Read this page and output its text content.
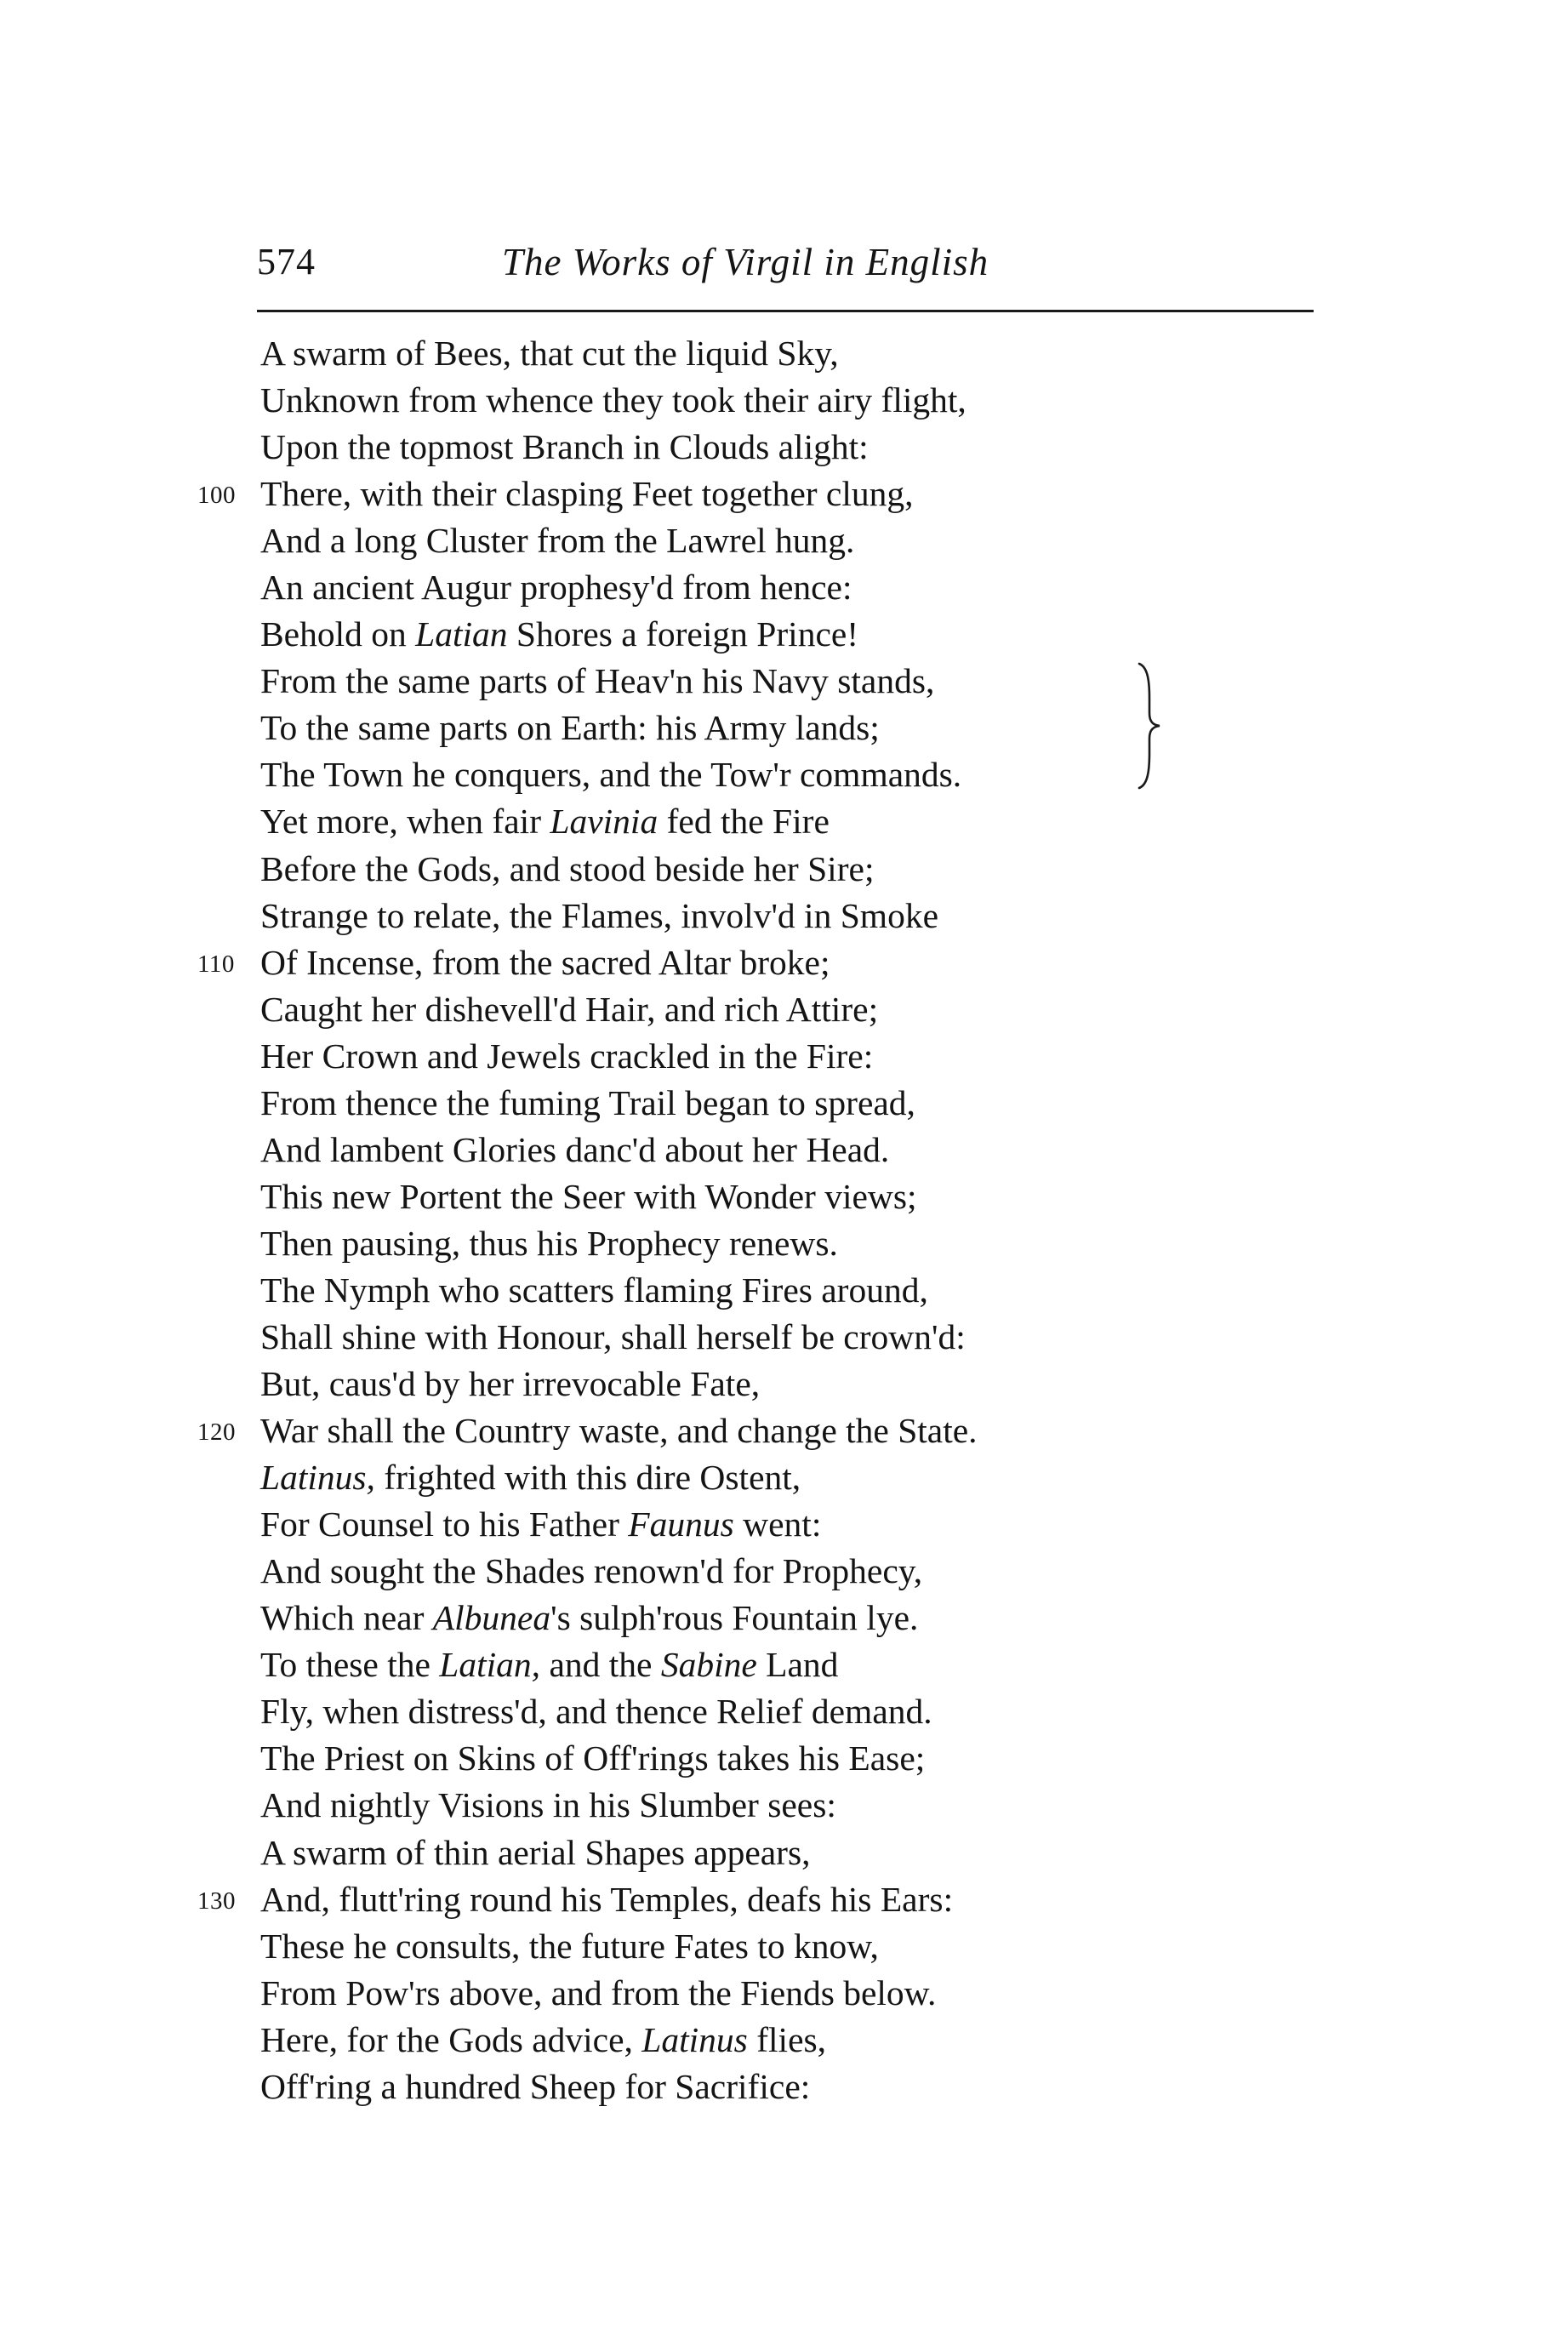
574	The Works of Virgil in English
A swarm of Bees, that cut the liquid Sky,
Unknown from whence they took their airy flight,
Upon the topmost Branch in Clouds alight:
100 There, with their clasping Feet together clung,
And a long Cluster from the Lawrel hung.
An ancient Augur prophesy'd from hence:
Behold on Latian Shores a foreign Prince!
From the same parts of Heav'n his Navy stands,
To the same parts on Earth: his Army lands;
The Town he conquers, and the Tow'r commands.
Yet more, when fair Lavinia fed the Fire
Before the Gods, and stood beside her Sire;
Strange to relate, the Flames, involv'd in Smoke
110 Of Incense, from the sacred Altar broke;
Caught her dishevell'd Hair, and rich Attire;
Her Crown and Jewels crackled in the Fire:
From thence the fuming Trail began to spread,
And lambent Glories danc'd about her Head.
This new Portent the Seer with Wonder views;
Then pausing, thus his Prophecy renews.
The Nymph who scatters flaming Fires around,
Shall shine with Honour, shall herself be crown'd:
But, caus'd by her irrevocable Fate,
120 War shall the Country waste, and change the State.
Latinus, frighted with this dire Ostent,
For Counsel to his Father Faunus went:
And sought the Shades renown'd for Prophecy,
Which near Albunea's sulph'rous Fountain lye.
To these the Latian, and the Sabine Land
Fly, when distress'd, and thence Relief demand.
The Priest on Skins of Off'rings takes his Ease;
And nightly Visions in his Slumber sees:
A swarm of thin aerial Shapes appears,
130 And, flutt'ring round his Temples, deafs his Ears:
These he consults, the future Fates to know,
From Pow'rs above, and from the Fiends below.
Here, for the Gods advice, Latinus flies,
Off'ring a hundred Sheep for Sacrifice:
